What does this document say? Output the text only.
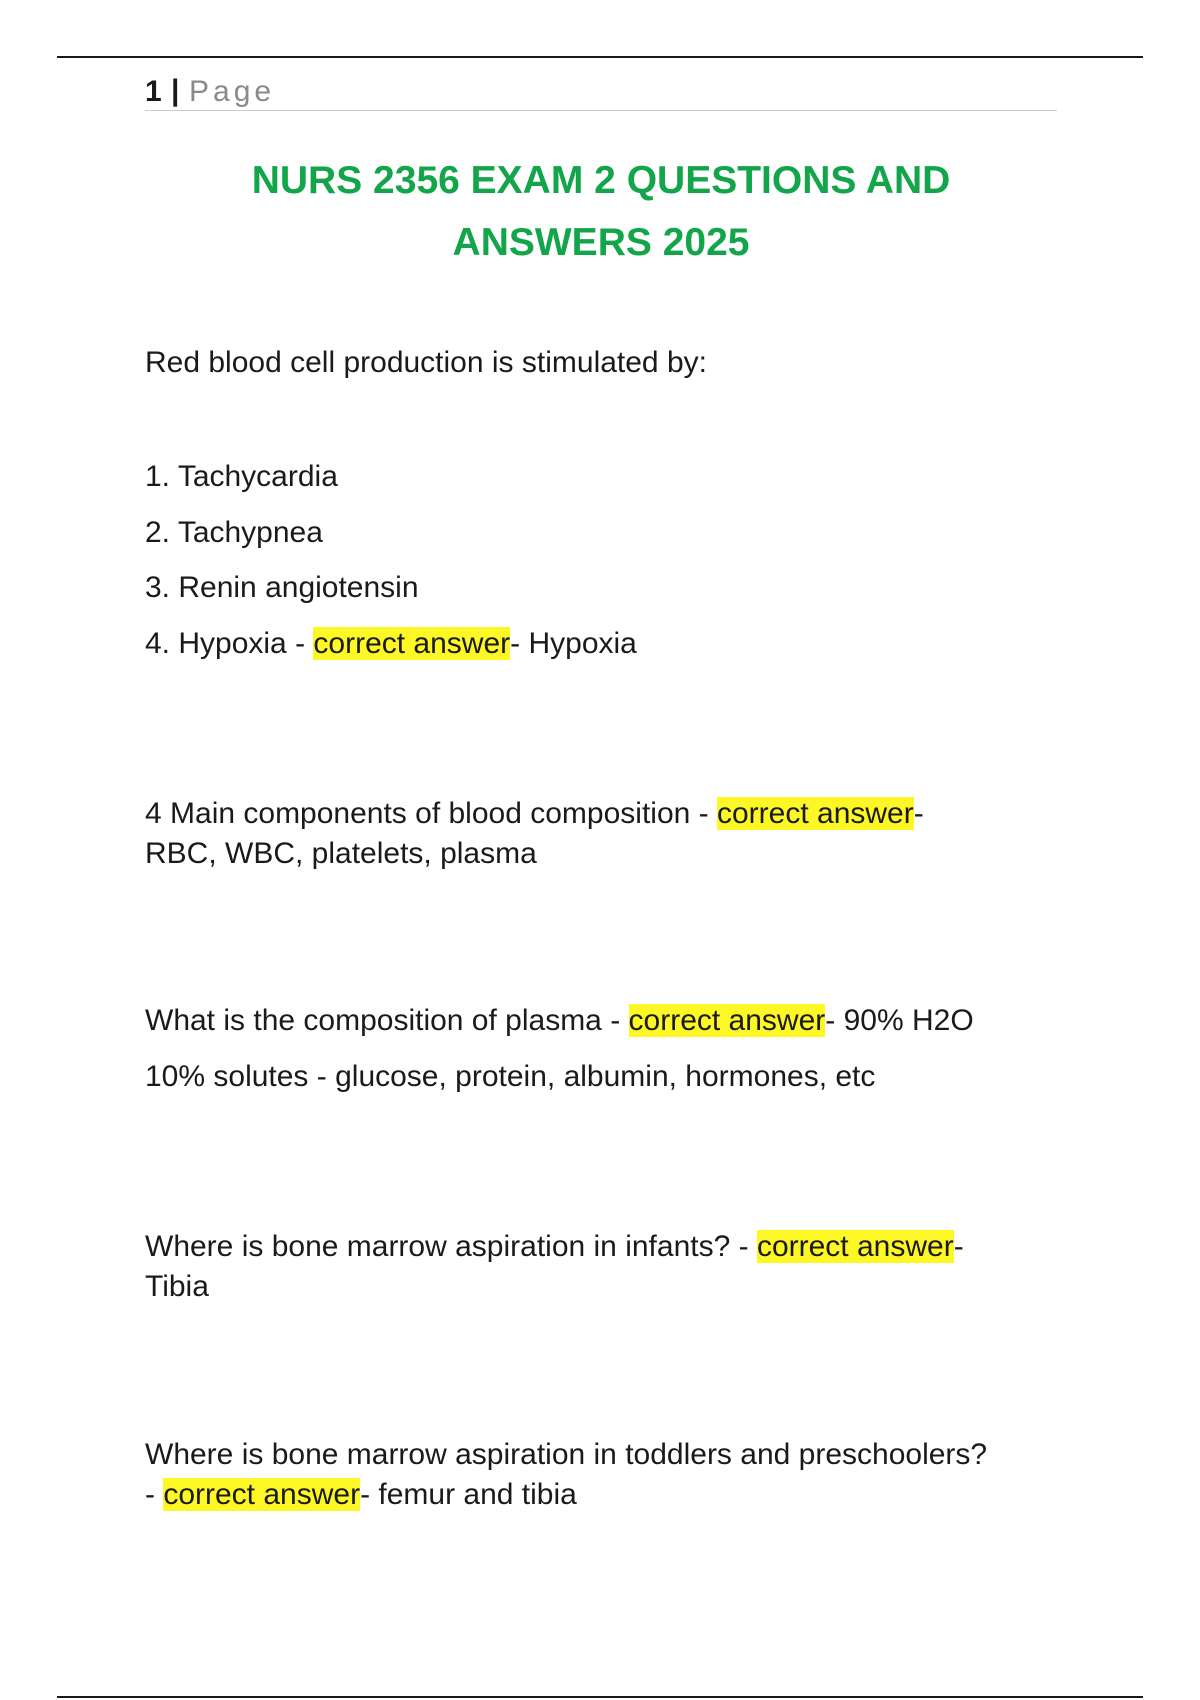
1 | Page
NURS 2356 EXAM 2 QUESTIONS AND
ANSWERS 2025
Red blood cell production is stimulated by:
1. Tachycardia
2. Tachypnea
3. Renin angiotensin
4. Hypoxia - correct answer- Hypoxia
4 Main components of blood composition - correct answer-
RBC, WBC, platelets, plasma
What is the composition of plasma - correct answer- 90% H2O
10% solutes - glucose, protein, albumin, hormones, etc
Where is bone marrow aspiration in infants? - correct answer-
Tibia
Where is bone marrow aspiration in toddlers and preschoolers?
- correct answer- femur and tibia
